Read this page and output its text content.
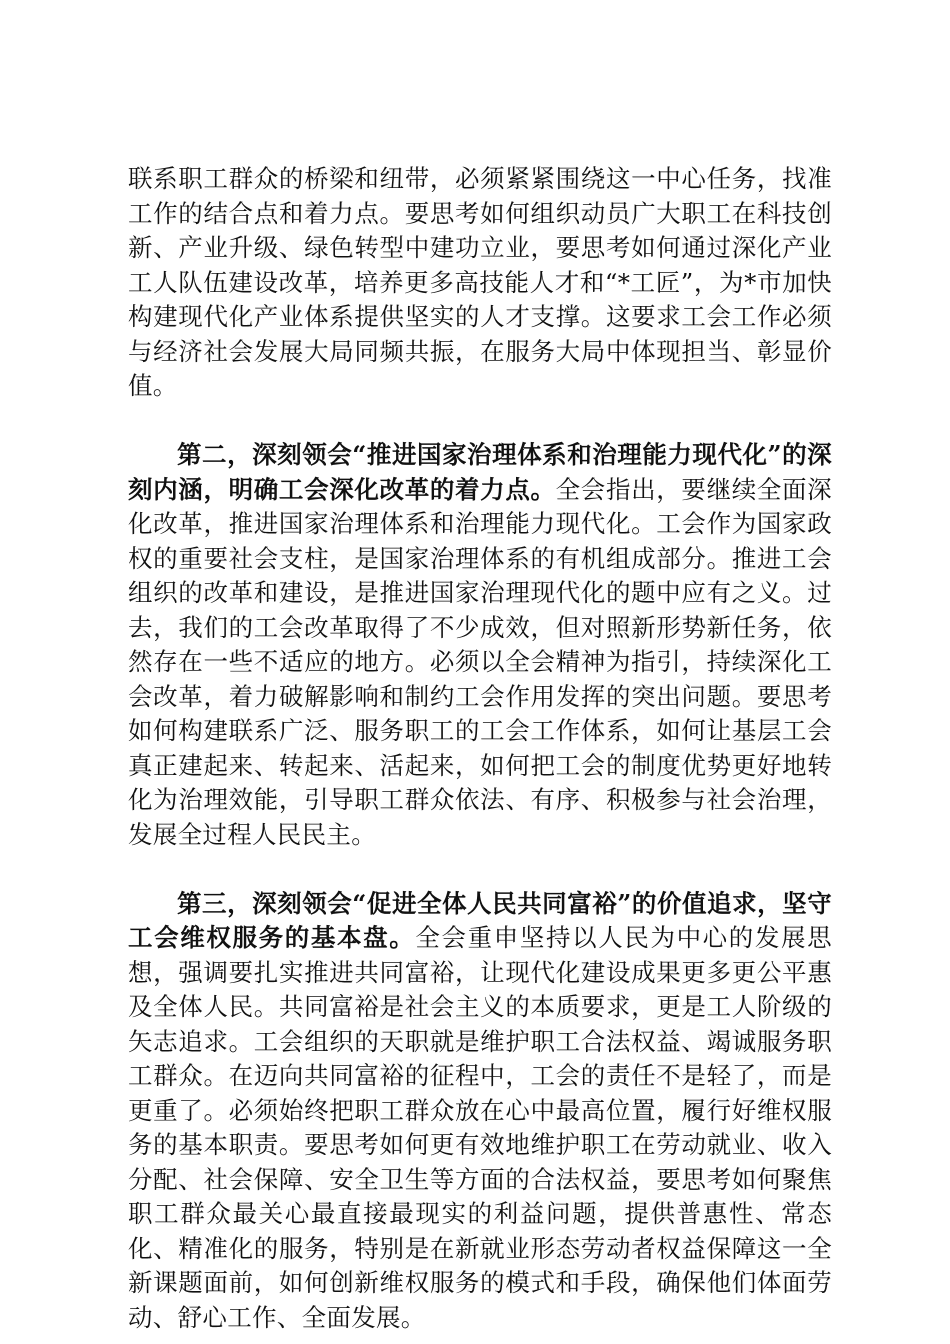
联系职工群众的桥梁和纽带，必须紧紧围绕这一中心任务，找准工作的结合点和着力点。要思考如何组织动员广大职工在科技创新、产业升级、绿色转型中建功立业，要思考如何通过深化产业工人队伍建设改革，培养更多高技能人才和“*工匠”，为*市加快构建现代化产业体系提供坚实的人才支撑。这要求工会工作必须与经济社会发展大局同频共振，在服务大局中体现担当、彰显价值。

第二，深刻领会“推进国家治理体系和治理能力现代化”的深刻内涵，明确工会深化改革的着力点。全会指出，要继续全面深化改革，推进国家治理体系和治理能力现代化。工会作为国家政权的重要社会支柱，是国家治理体系的有机组成部分。推进工会组织的改革和建设，是推进国家治理现代化的题中应有之义。过去，我们的工会改革取得了不少成效，但对照新形势新任务，依然存在一些不适应的地方。必须以全会精神为指引，持续深化工会改革，着力破解影响和制约工会作用发挥的突出问题。要思考如何构建联系广泛、服务职工的工会工作体系，如何让基层工会真正建起来、转起来、活起来，如何把工会的制度优势更好地转化为治理效能，引导职工群众依法、有序、积极参与社会治理，发展全过程人民民主。

第三，深刻领会“促进全体人民共同富裕”的价值追求，坚守工会维权服务的基本盘。全会重申坚持以人民为中心的发展思想，强调要扎实推进共同富裕，让现代化建设成果更多更公平惠及全体人民。共同富裕是社会主义的本质要求，更是工人阶级的矢志追求。工会组织的天职就是维护职工合法权益、竭诚服务职工群众。在迈向共同富裕的征程中，工会的责任不是轻了，而是更重了。必须始终把职工群众放在心中最高位置，履行好维权服务的基本职责。要思考如何更有效地维护职工在劳动就业、收入分配、社会保障、安全卫生等方面的合法权益，要思考如何聚焦职工群众最关心最直接最现实的利益问题，提供普惠性、常态化、精准化的服务，特别是在新就业形态劳动者权益保障这一全新课题面前，如何创新维权服务的模式和手段，确保他们体面劳动、舒心工作、全面发展。
